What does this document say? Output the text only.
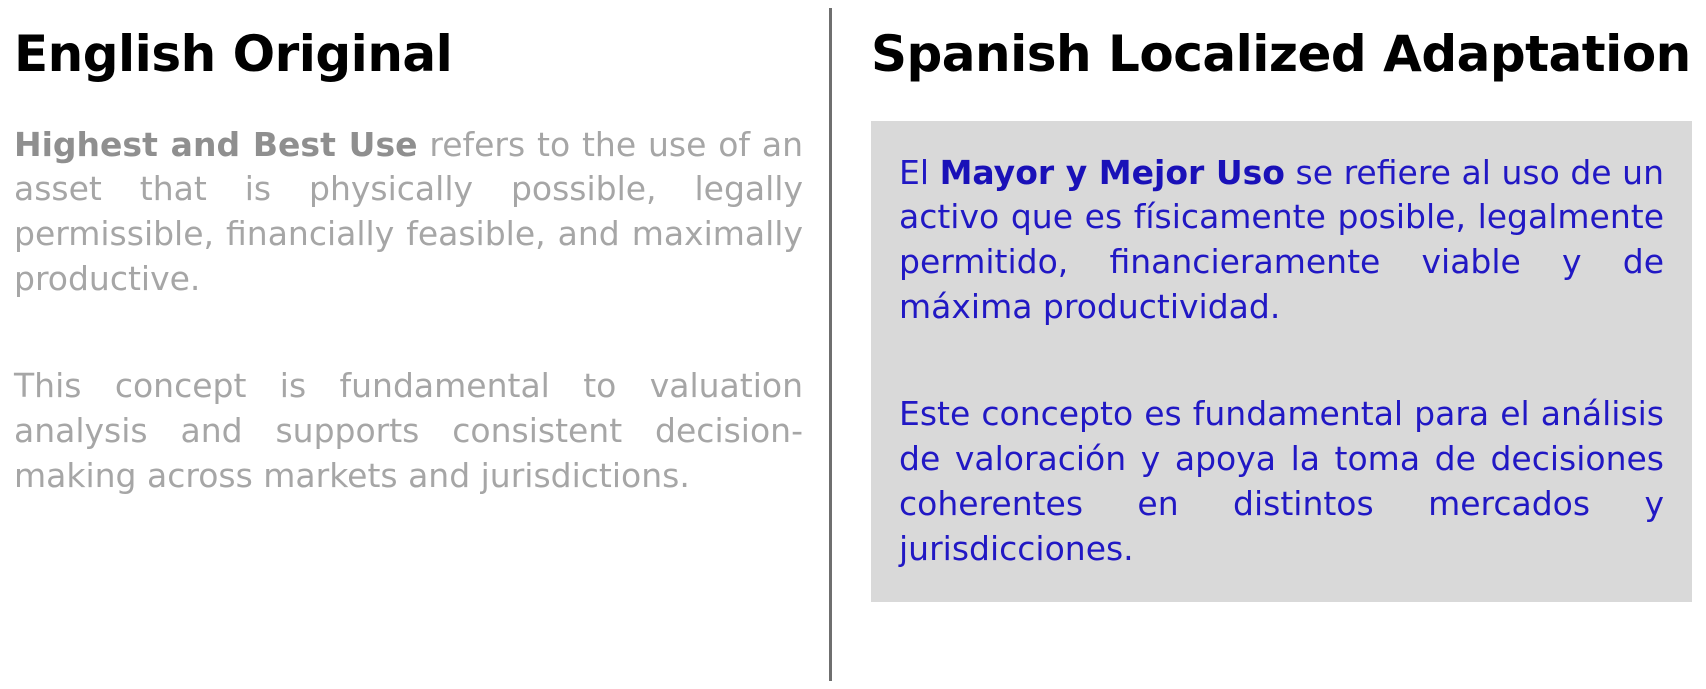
English Original

Highest and Best Use refers to the use of an asset that is physically possible, legally permissible, financially feasible, and maximally productive.

This concept is fundamental to valuation analysis and supports consistent decision-making across markets and jurisdictions.

Spanish Localized Adaptation

El Mayor y Mejor Uso se refiere al uso de un activo que es físicamente posible, legalmente permitido, financieramente viable y de máxima productividad.

Este concepto es fundamental para el análisis de valoración y apoya la toma de decisiones coherentes en distintos mercados y jurisdicciones.
